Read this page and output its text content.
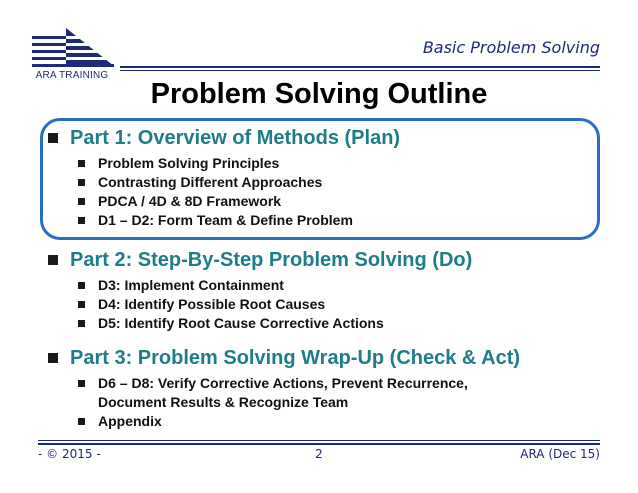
ARA TRAINING
Basic Problem Solving
Problem Solving Outline
Part 1: Overview of Methods (Plan)
Problem Solving Principles
Contrasting Different Approaches
PDCA / 4D & 8D Framework
D1 – D2: Form Team & Define Problem
Part 2: Step-By-Step Problem Solving (Do)
D3: Implement Containment
D4: Identify Possible Root Causes
D5: Identify Root Cause Corrective Actions
Part 3: Problem Solving Wrap-Up (Check & Act)
D6 – D8: Verify Corrective Actions, Prevent Recurrence, Document Results & Recognize Team
Appendix
- © 2015 -	2	ARA (Dec 15)
